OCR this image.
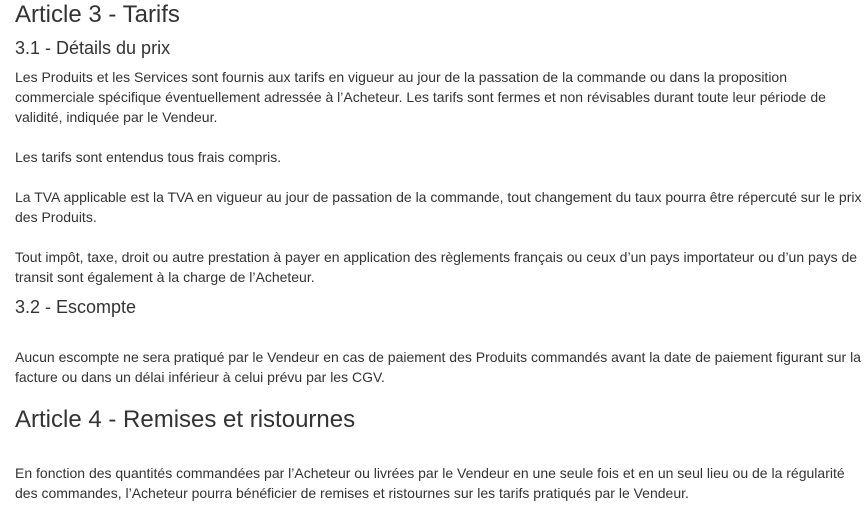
Article 3 - Tarifs
3.1 - Détails du prix

Les Produits et les Services sont fournis aux tarifs en vigueur au jour de la passation de la commande ou dans la proposition commerciale spécifique éventuellement adressée à l’Acheteur. Les tarifs sont fermes et non révisables durant toute leur période de validité, indiquée par le Vendeur.

Les tarifs sont entendus tous frais compris.

La TVA applicable est la TVA en vigueur au jour de passation de la commande, tout changement du taux pourra être répercuté sur le prix des Produits.

Tout impôt, taxe, droit ou autre prestation à payer en application des règlements français ou ceux d’un pays importateur ou d’un pays de transit sont également à la charge de l’Acheteur.

3.2 - Escompte

Aucun escompte ne sera pratiqué par le Vendeur en cas de paiement des Produits commandés avant la date de paiement figurant sur la facture ou dans un délai inférieur à celui prévu par les CGV.

Article 4 - Remises et ristournes

En fonction des quantités commandées par l’Acheteur ou livrées par le Vendeur en une seule fois et en un seul lieu ou de la régularité des commandes, l’Acheteur pourra bénéficier de remises et ristournes sur les tarifs pratiqués par le Vendeur.
